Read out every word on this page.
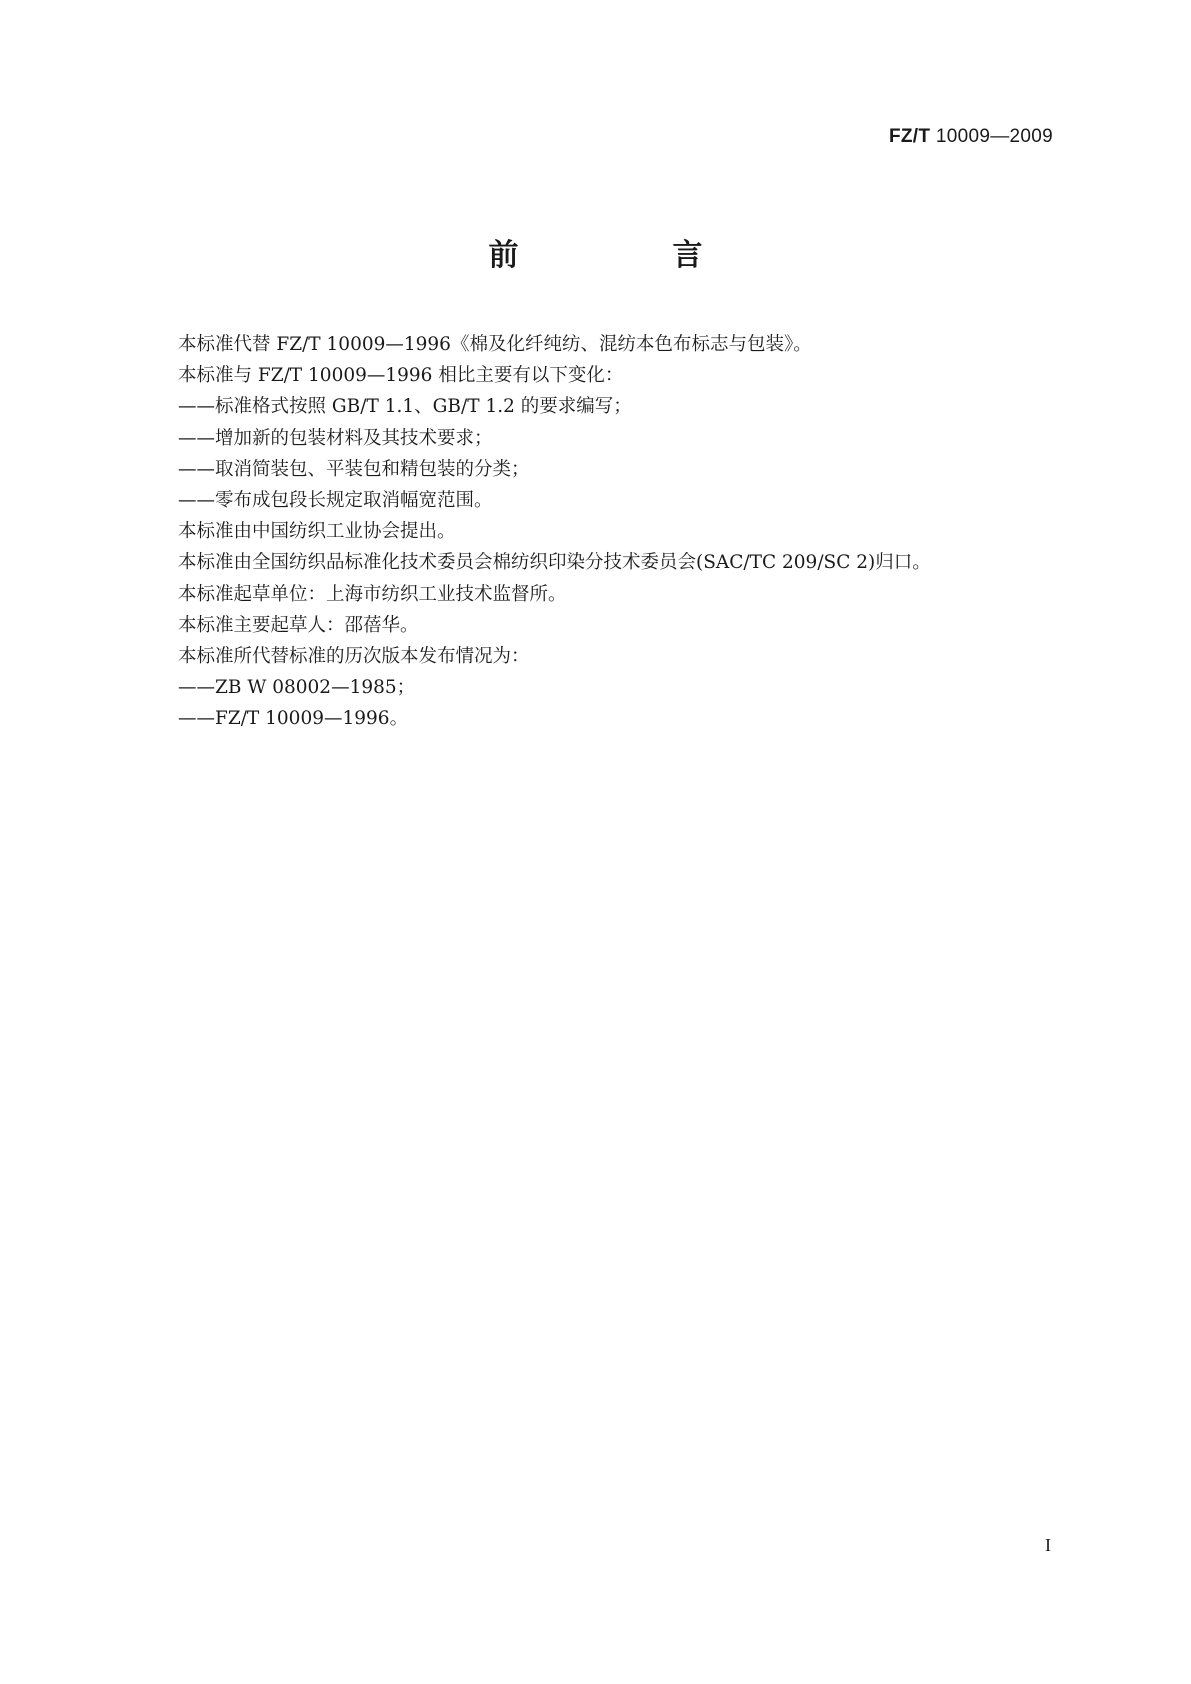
FZ/T 10009—2009
前　言
本标准代替 FZ/T 10009—1996《棉及化纤纯纺、混纺本色布标志与包装》。
本标准与 FZ/T 10009—1996 相比主要有以下变化：
——标准格式按照 GB/T 1.1、GB/T 1.2 的要求编写；
——增加新的包装材料及其技术要求；
——取消简装包、平装包和精包装的分类；
——零布成包段长规定取消幅宽范围。
本标准由中国纺织工业协会提出。
本标准由全国纺织品标准化技术委员会棉纺织印染分技术委员会(SAC/TC 209/SC 2)归口。
本标准起草单位：上海市纺织工业技术监督所。
本标准主要起草人：邵蓓华。
本标准所代替标准的历次版本发布情况为：
——ZB W 08002—1985；
——FZ/T 10009—1996。
I
